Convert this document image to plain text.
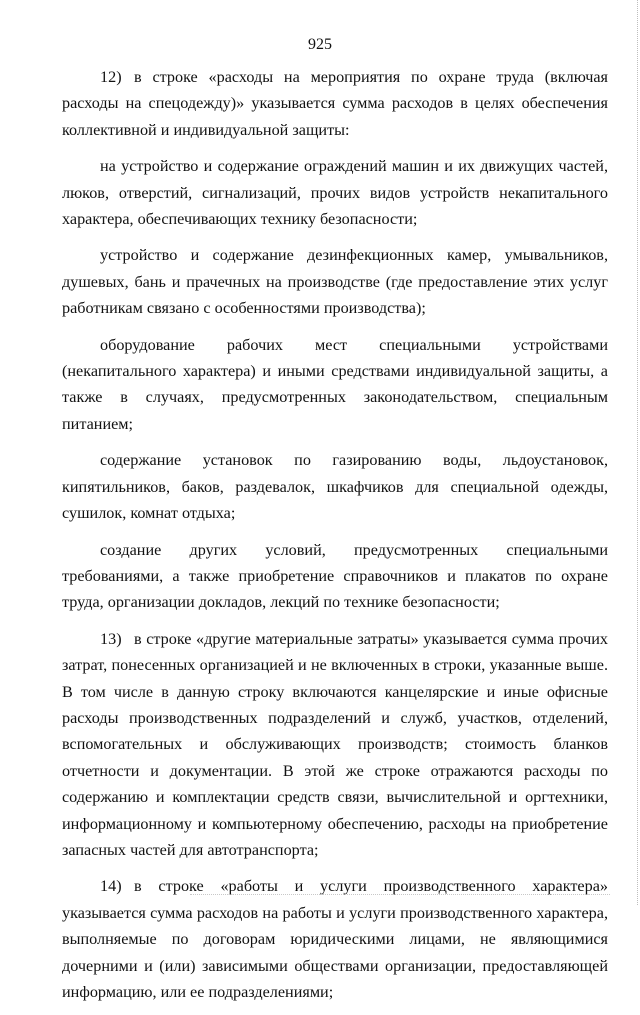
925

12) в строке «расходы на мероприятия по охране труда (включая расходы на спецодежду)» указывается сумма расходов в целях обеспечения коллективной и индивидуальной защиты:

на устройство и содержание ограждений машин и их движущих частей, люков, отверстий, сигнализаций, прочих видов устройств некапитального характера, обеспечивающих технику безопасности;

устройство и содержание дезинфекционных камер, умывальников, душевых, бань и прачечных на производстве (где предоставление этих услуг работникам связано с особенностями производства);

оборудование рабочих мест специальными устройствами (некапитального характера) и иными средствами индивидуальной защиты, а также в случаях, предусмотренных законодательством, специальным питанием;

содержание установок по газированию воды, льдоустановок, кипятильников, баков, раздевалок, шкафчиков для специальной одежды, сушилок, комнат отдыха;

создание других условий, предусмотренных специальными требованиями, а также приобретение справочников и плакатов по охране труда, организации докладов, лекций по технике безопасности;

13) в строке «другие материальные затраты» указывается сумма прочих затрат, понесенных организацией и не включенных в строки, указанные выше. В том числе в данную строку включаются канцелярские и иные офисные расходы производственных подразделений и служб, участков, отделений, вспомогательных и обслуживающих производств; стоимость бланков отчетности и документации. В этой же строке отражаются расходы по содержанию и комплектации средств связи, вычислительной и оргтехники, информационному и компьютерному обеспечению, расходы на приобретение запасных частей для автотранспорта;

14) в строке «работы и услуги производственного характера» указывается сумма расходов на работы и услуги производственного характера, выполняемые по договорам юридическими лицами, не являющимися дочерними и (или) зависимыми обществами организации, предоставляющей информацию, или ее подразделениями;
